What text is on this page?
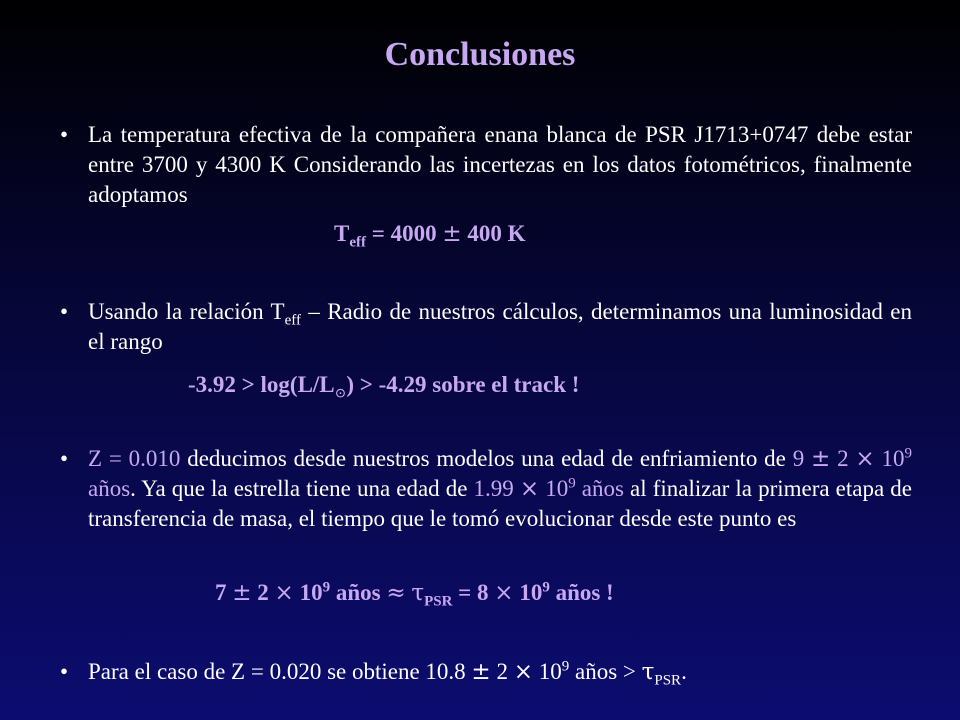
Conclusiones
• La temperatura efectiva de la compañera enana blanca de PSR J1713+0747 debe estar entre 3700 y 4300 K Considerando las incertezas en los datos fotométricos, finalmente adoptamos
$T_{eff} = 4000 \pm 400$ K
• Usando la relación $T_{eff}$ – Radio de nuestros cálculos, determinamos una luminosidad en el rango
$-3.92 > \log(L/L_⊙) > -4.29$ sobre el track !
• Z = 0.010 deducimos desde nuestros modelos una edad de enfriamiento de $9 \pm 2 \times 10^9$ años. Ya que la estrella tiene una edad de $1.99 \times 10^9$ años al finalizar la primera etapa de transferencia de masa, el tiempo que le tomó evolucionar desde este punto es
$7 \pm 2 \times 10^9$ años ≈ $\tau_{PSR} = 8 \times 10^9$ años !
• Para el caso de Z = 0.020 se obtiene $10.8 \pm 2 \times 10^9$ años > $\tau_{PSR}$.
